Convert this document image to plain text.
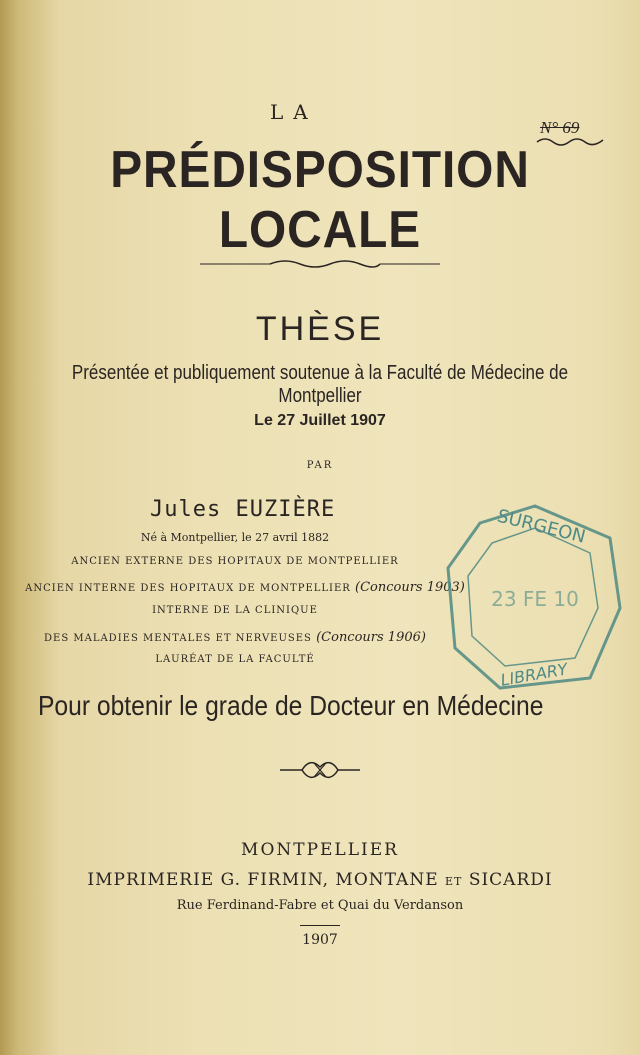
LA
N° 69
PRÉDISPOSITION LOCALE
THÈSE
Présentée et publiquement soutenue à la Faculté de Médecine de Montpellier
Le 27 Juillet 1907
PAR
Jules EUZIÈRE
Né à Montpellier, le 27 avril 1882
ANCIEN EXTERNE DES HOPITAUX DE MONTPELLIER
ANCIEN INTERNE DES HOPITAUX DE MONTPELLIER (Concours 1903)
INTERNE DE LA CLINIQUE
DES MALADIES MENTALES ET NERVEUSES (Concours 1906)
LAURÉAT DE LA FACULTÉ
SURGEON
LIBRARY
23 FE 10
Pour obtenir le grade de Docteur en Médecine
MONTPELLIER
IMPRIMERIE G. FIRMIN, MONTANE ET SICARDI
Rue Ferdinand-Fabre et Quai du Verdanson
1907
